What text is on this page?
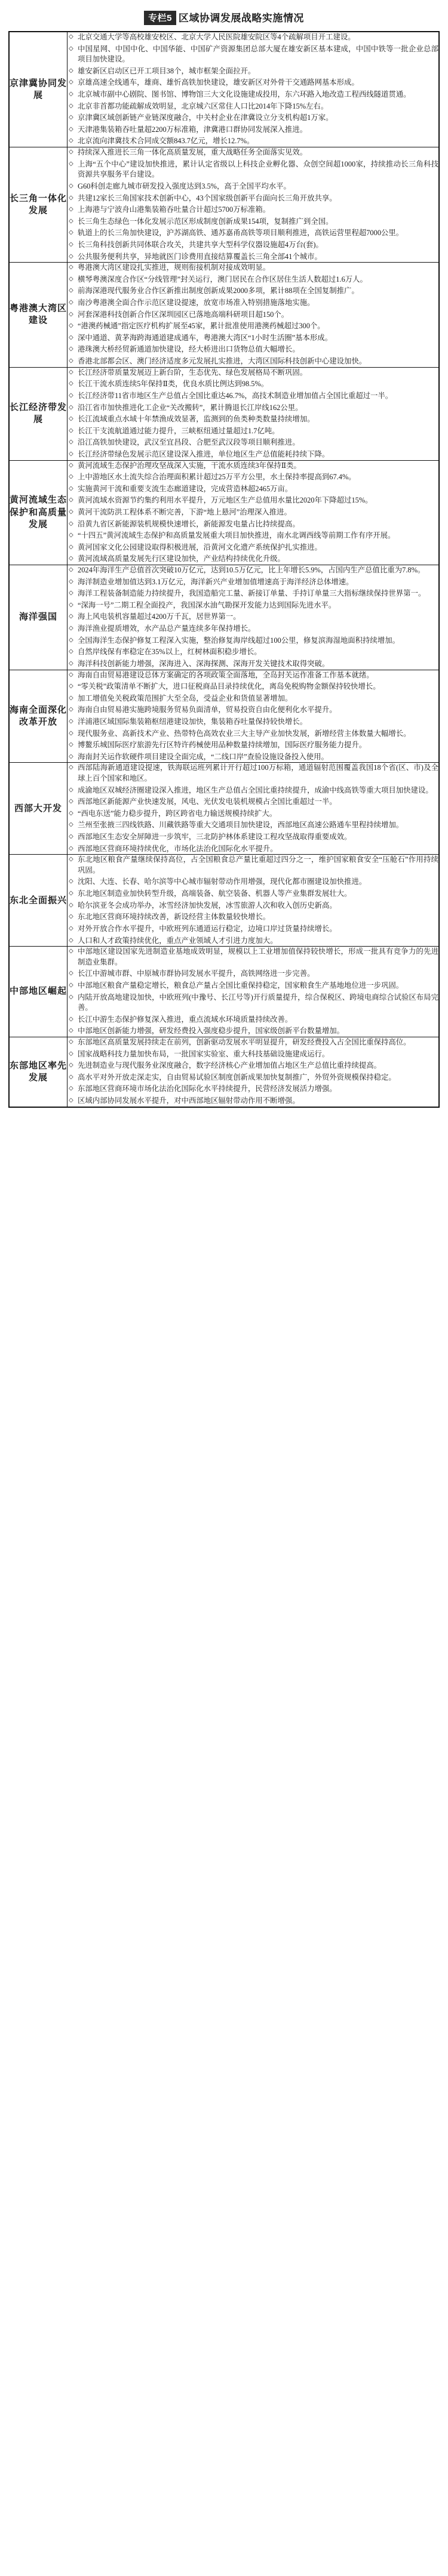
专栏5 区域协调发展战略实施情况
京津冀协同发展	
◇ 北京交通大学等高校雄安校区、北京大学人民医院雄安院区等4个疏解项目开工建设。
◇ 中国星网、中国中化、中国华能、中国矿产资源集团总部大厦在雄安新区基本建成，中国中铁等一批企业总部项目加快建设。
◇ 雄安新区启动区已开工项目38个，城市框架全面拉开。
◇ 京雄高速全线通车，雄商、雄忻高铁加快建设，雄安新区对外骨干交通路网基本形成。
◇ 北京城市副中心剧院、图书馆、博物馆三大文化设施建成投用，东六环路入地改造工程西线隧道贯通。
◇ 北京非首都功能疏解成效明显，北京城六区常住人口比2014年下降15%左右。
◇ 京津冀区域创新链产业链深度融合，中关村企业在津冀设立分支机构超1万家。
◇ 天津港集装箱吞吐量超2200万标准箱，津冀港口群协同发展深入推进。
◇ 北京流向津冀技术合同成交额843.7亿元，增长12.7%。

长三角一体化发展	
◇ 持续深入推进长三角一体化高质量发展，重大战略任务全面落实见效。
◇ 上海“五个中心”建设加快推进，累计认定省级以上科技企业孵化器、众创空间超1000家，持续推动长三角科技资源共享服务平台建设。
◇ G60科创走廊九城市研发投入强度达到3.5%，高于全国平均水平。
◇ 共建12家长三角国家技术创新中心，43个国家级创新平台面向长三角开放共享。
◇ 上海港与宁波舟山港集装箱吞吐量合计超过5700万标准箱。
◇ 长三角生态绿色一体化发展示范区形成制度创新成果154项，复制推广到全国。
◇ 轨道上的长三角加快建设，沪苏湖高铁、通苏嘉甬高铁等项目顺利推进，高铁运营里程超7000公里。
◇ 长三角科技创新共同体联合攻关，共建共享大型科学仪器设施超4万台(套)。
◇ 公共服务便利共享，异地就医门诊费用直接结算覆盖长三角全部41个城市。

粤港澳大湾区建设	
◇ 粤港澳大湾区建设扎实推进，规则衔接机制对接成效明显。
◇ 横琴粤澳深度合作区“分线管理”封关运行，澳门居民在合作区居住生活人数超过1.6万人。
◇ 前海深港现代服务业合作区新推出制度创新成果2000多项，累计88项在全国复制推广。
◇ 南沙粤港澳全面合作示范区建设提速，放宽市场准入特别措施落地实施。
◇ 河套深港科技创新合作区深圳园区已落地高端科研项目超150个。
◇ “港澳药械通”指定医疗机构扩展至45家，累计批准使用港澳药械超过300个。
◇ 深中通道、黄茅海跨海通道建成通车，粤港澳大湾区“1小时生活圈”基本形成。
◇ 港珠澳大桥经贸新通道加快建设，经大桥进出口货物总值大幅增长。
◇ 香港北部都会区、澳门经济适度多元发展扎实推进，大湾区国际科技创新中心建设加快。

长江经济带发展	
◇ 长江经济带质量发展迈上新台阶，生态优先、绿色发展格局不断巩固。
◇ 长江干流水质连续5年保持Ⅱ类，优良水质比例达到98.5%。
◇ 长江经济带11省市地区生产总值占全国比重达46.7%，高技术制造业增加值占全国比重超过一半。
◇ 沿江省市加快推进化工企业“关改搬转”，累计腾退长江岸线162公里。
◇ 长江流域重点水域十年禁渔成效显著，监测到的鱼类种类数量持续增加。
◇ 长江干支流航道通过能力提升，三峡枢纽通过量超过1.7亿吨。
◇ 沿江高铁加快建设，武汉至宜昌段、合肥至武汉段等项目顺利推进。
◇ 长江经济带绿色发展示范区建设深入推进，单位地区生产总值能耗持续下降。

黄河流域生态保护和高质量发展	
◇ 黄河流域生态保护治理攻坚战深入实施，干流水质连续3年保持Ⅱ类。
◇ 上中游地区水土流失综合治理面积累计超过25万平方公里，水土保持率提高到67.4%。
◇ 实施黄河干流和重要支流生态廊道建设，完成营造林超2465万亩。
◇ 黄河流域水资源节约集约利用水平提升，万元地区生产总值用水量比2020年下降超过15%。
◇ 黄河干流防洪工程体系不断完善，下游“地上悬河”治理深入推进。
◇ 沿黄九省区新能源装机规模快速增长，新能源发电量占比持续提高。
◇ “十四五”黄河流域生态保护和高质量发展重大项目加快推进，南水北调西线等前期工作有序开展。
◇ 黄河国家文化公园建设取得积极进展，沿黄河文化遗产系统保护扎实推进。
◇ 黄河流域高质量发展先行区建设加快，产业结构持续优化升级。

海洋强国	
◇ 2024年海洋生产总值首次突破10万亿元，达到10.5万亿元，比上年增长5.9%，占国内生产总值比重为7.8%。
◇ 海洋制造业增加值达到3.1万亿元，海洋新兴产业增加值增速高于海洋经济总体增速。
◇ 海洋工程装备制造能力持续提升，我国造船完工量、新接订单量、手持订单量三大指标继续保持世界第一。
◇ “深海一号”二期工程全面投产，我国深水油气勘探开发能力达到国际先进水平。
◇ 海上风电装机容量超过4200万千瓦，居世界第一。
◇ 海洋渔业提质增效，水产品总产量连续多年保持增长。
◇ 全国海洋生态保护修复工程深入实施，整治修复海岸线超过100公里，修复滨海湿地面积持续增加。
◇ 自然岸线保有率稳定在35%以上，红树林面积稳步增长。
◇ 海洋科技创新能力增强，深海进入、深海探测、深海开发关键技术取得突破。

海南全面深化改革开放	
◇ 海南自由贸易港建设总体方案确定的各项政策全面落地，全岛封关运作准备工作基本就绪。
◇ “零关税”政策清单不断扩大，进口征税商品目录持续优化，离岛免税购物金额保持较快增长。
◇ 加工增值免关税政策范围扩大至全岛，受益企业和货值显著增加。
◇ 海南自由贸易港实施跨境服务贸易负面清单，贸易投资自由化便利化水平提升。
◇ 洋浦港区域国际集装箱枢纽港建设加快，集装箱吞吐量保持较快增长。
◇ 现代服务业、高新技术产业、热带特色高效农业三大主导产业加快发展，新增经营主体数量大幅增长。
◇ 博鳌乐城国际医疗旅游先行区特许药械使用品种数量持续增加，国际医疗服务能力提升。
◇ 海南封关运作软硬件项目建设全面完成，“二线口岸”查验设施设备投入使用。

西部大开发	
◇ 西部陆海新通道建设提速，铁海联运班列累计开行超过100万标箱，通道辐射范围覆盖我国18个省(区、市)及全球上百个国家和地区。
◇ 成渝地区双城经济圈建设深入推进，地区生产总值占全国比重持续提升，成渝中线高铁等重大项目加快建设。
◇ 西部地区新能源产业快速发展，风电、光伏发电装机规模占全国比重超过一半。
◇ “西电东送”能力稳步提升，跨区跨省电力输送规模持续扩大。
◇ 兰州至张掖三四线铁路、川藏铁路等重大交通项目加快建设，西部地区高速公路通车里程持续增加。
◇ 西部地区生态安全屏障进一步筑牢，三北防护林体系建设工程攻坚战取得重要成效。
◇ 西部地区营商环境持续优化，市场化法治化国际化水平提升。

东北全面振兴	
◇ 东北地区粮食产量继续保持高位，占全国粮食总产量比重超过四分之一，维护国家粮食安全“压舱石”作用持续巩固。
◇ 沈阳、大连、长春、哈尔滨等中心城市辐射带动作用增强，现代化都市圈建设加快推进。
◇ 东北地区制造业加快转型升级，高端装备、航空装备、机器人等产业集群发展壮大。
◇ 哈尔滨亚冬会成功举办，冰雪经济加快发展，冰雪旅游人次和收入创历史新高。
◇ 东北地区营商环境持续改善，新设经营主体数量较快增长。
◇ 对外开放合作水平提升，中欧班列东通道运行稳定，边境口岸过货量持续增长。
◇ 人口和人才政策持续优化，重点产业领域人才引进力度加大。

中部地区崛起	
◇ 中部地区建设国家先进制造业基地成效明显，规模以上工业增加值保持较快增长，形成一批具有竞争力的先进制造业集群。
◇ 长江中游城市群、中原城市群协同发展水平提升，高铁网络进一步完善。
◇ 中部地区粮食产量稳定增长，粮食总产量占全国比重保持稳定，国家粮食生产基地地位进一步巩固。
◇ 内陆开放高地建设加快，中欧班列(中豫号、长江号等)开行质量提升，综合保税区、跨境电商综合试验区布局完善。
◇ 长江中游生态保护修复深入推进，重点流域水环境质量持续改善。
◇ 中部地区创新能力增强，研发经费投入强度稳步提升，国家级创新平台数量增加。

东部地区率先发展	
◇ 东部地区高质量发展持续走在前列，创新驱动发展水平明显提升，研发经费投入占全国比重保持高位。
◇ 国家战略科技力量加快布局，一批国家实验室、重大科技基础设施建成运行。
◇ 先进制造业与现代服务业深度融合，数字经济核心产业增加值占地区生产总值比重持续提高。
◇ 高水平对外开放走深走实，自由贸易试验区制度创新成果加快复制推广，外贸外资规模保持稳定。
◇ 东部地区营商环境市场化法治化国际化水平持续提升，民营经济发展活力增强。
◇ 区域内部协同发展水平提升，对中西部地区辐射带动作用不断增强。
